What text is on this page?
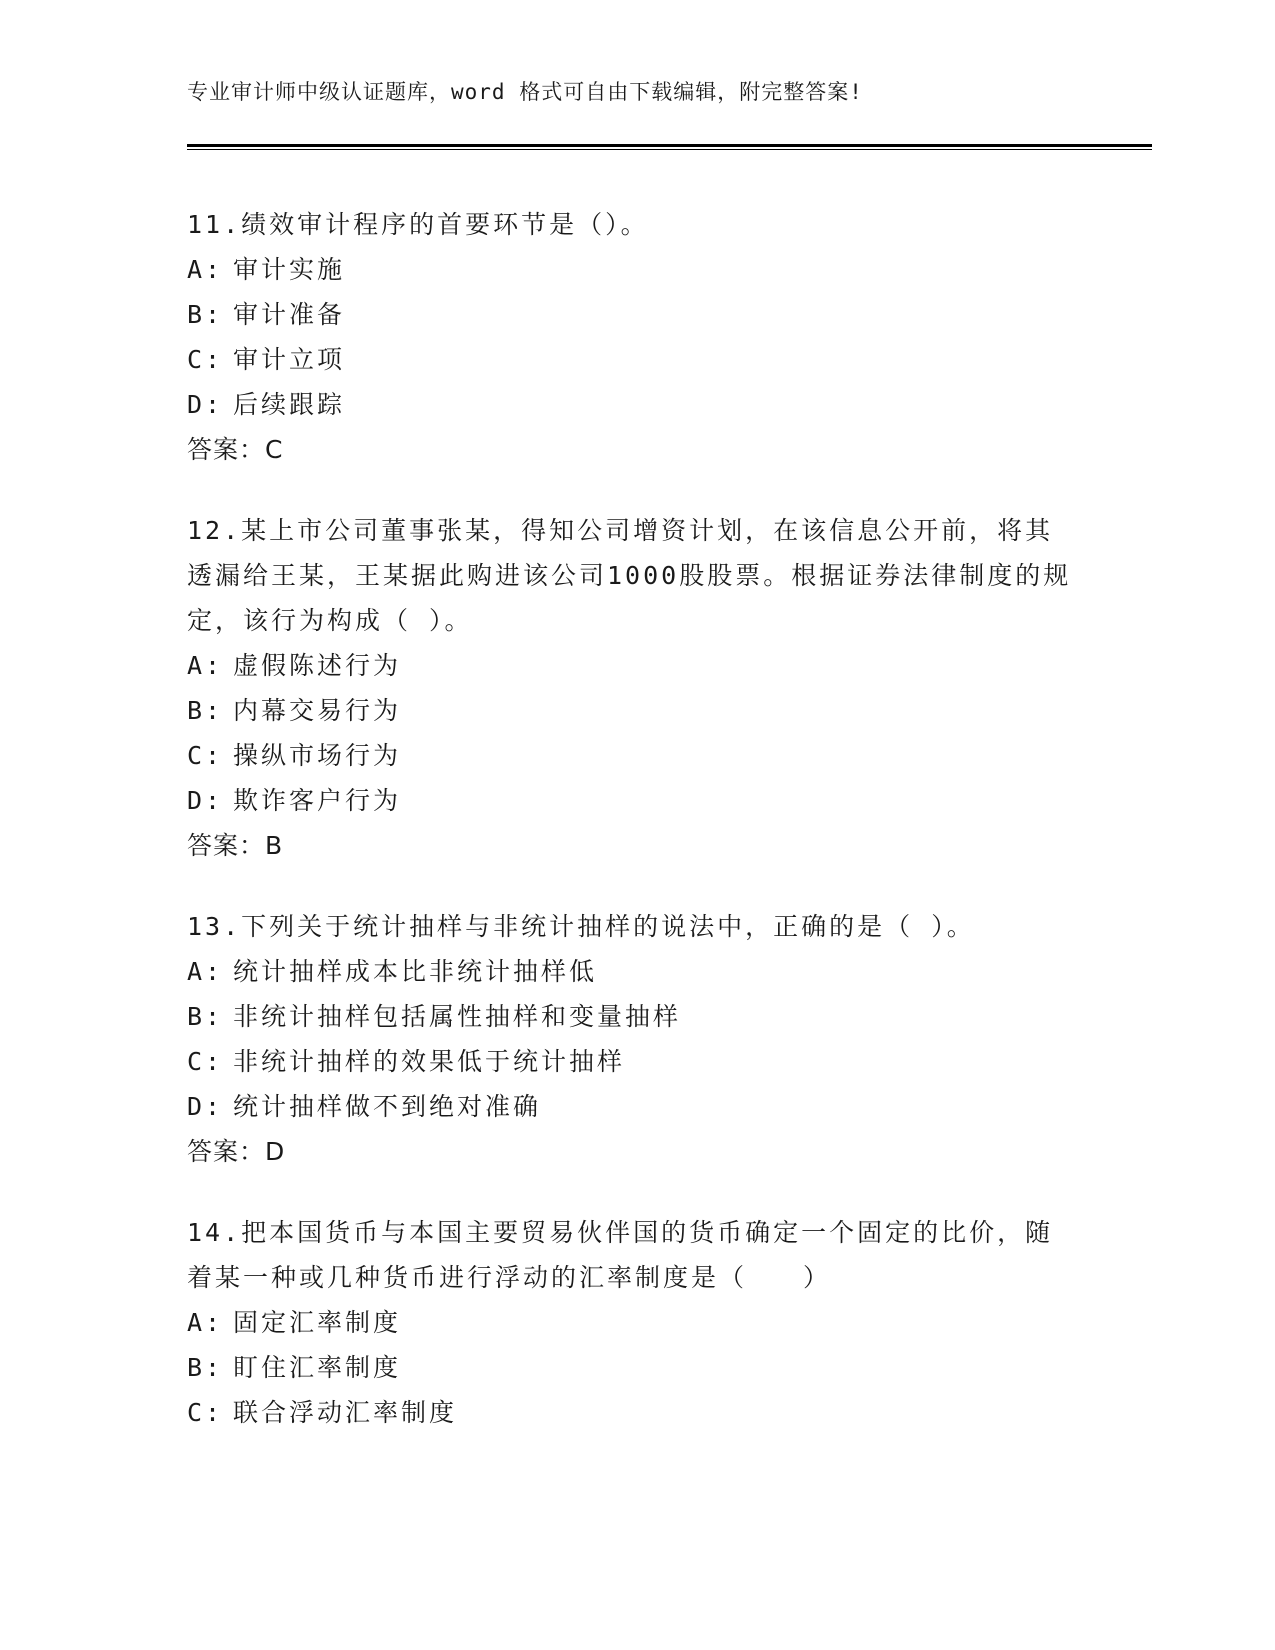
专业审计师中级认证题库，word 格式可自由下载编辑，附完整答案!

11.绩效审计程序的首要环节是（）。

A: 审计实施

B: 审计准备

C: 审计立项

D: 后续跟踪

答案：C

12.某上市公司董事张某，得知公司增资计划，在该信息公开前，将其透漏给王某，王某据此购进该公司1000股股票。根据证券法律制度的规定，该行为构成（ ）。

A: 虚假陈述行为

B: 内幕交易行为

C: 操纵市场行为

D: 欺诈客户行为

答案：B

13.下列关于统计抽样与非统计抽样的说法中，正确的是（ ）。

A: 统计抽样成本比非统计抽样低

B: 非统计抽样包括属性抽样和变量抽样

C: 非统计抽样的效果低于统计抽样

D: 统计抽样做不到绝对准确

答案：D

14.把本国货币与本国主要贸易伙伴国的货币确定一个固定的比价，随着某一种或几种货币进行浮动的汇率制度是（　　）

A: 固定汇率制度

B: 盯住汇率制度

C: 联合浮动汇率制度
